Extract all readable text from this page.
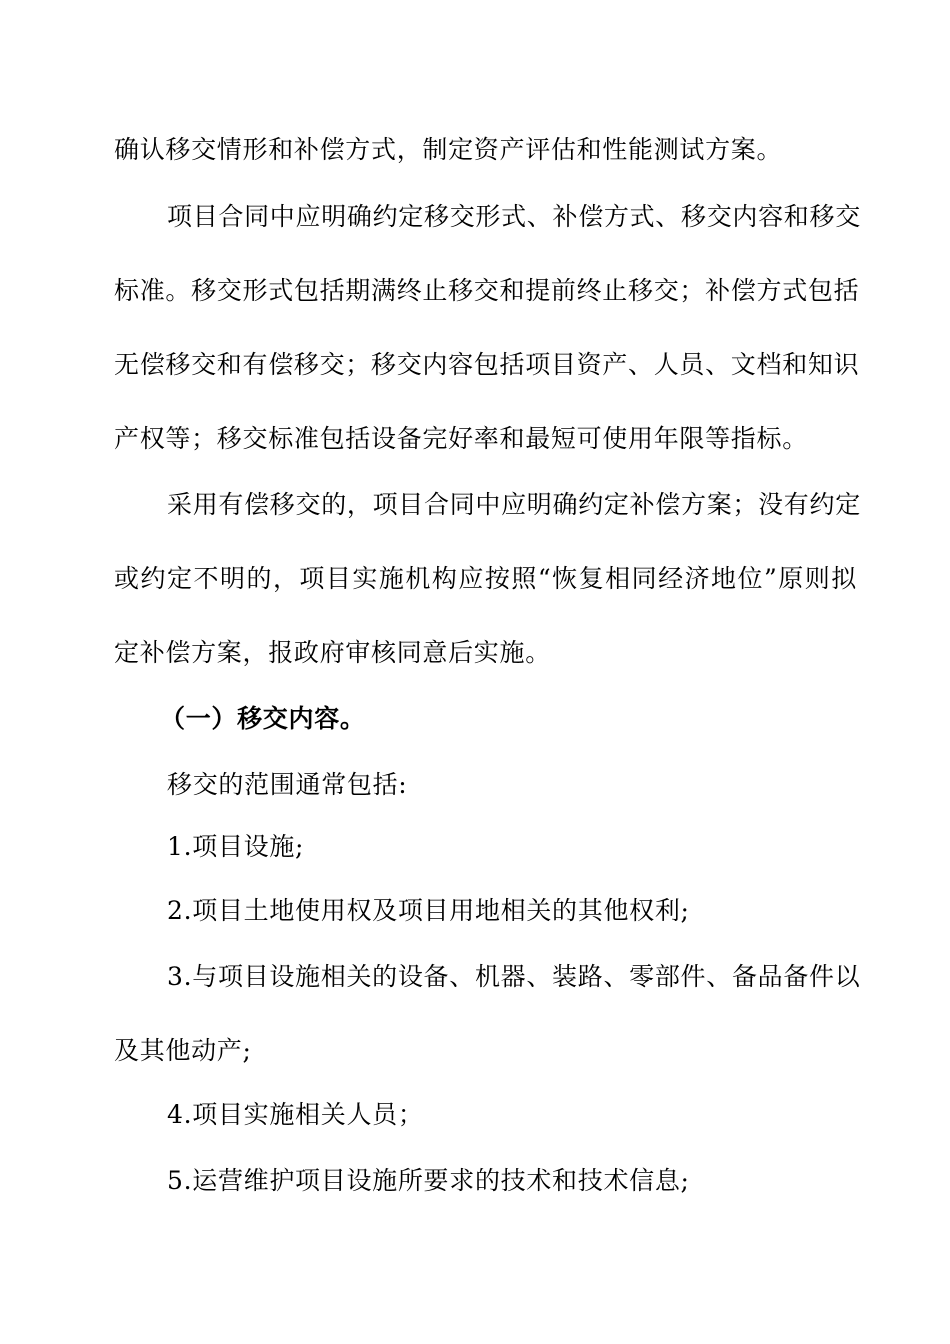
确认移交情形和补偿方式，制定资产评估和性能测试方案。
项目合同中应明确约定移交形式、补偿方式、移交内容和移交
标准。移交形式包括期满终止移交和提前终止移交；补偿方式包括
无偿移交和有偿移交；移交内容包括项目资产、人员、文档和知识
产权等；移交标准包括设备完好率和最短可使用年限等指标。
采用有偿移交的，项目合同中应明确约定补偿方案；没有约定
或约定不明的，项目实施机构应按照“恢复相同经济地位”原则拟
定补偿方案，报政府审核同意后实施。
（一）移交内容。
移交的范围通常包括:
1.项目设施;
2.项目土地使用权及项目用地相关的其他权利;
3.与项目设施相关的设备、机器、装路、零部件、备品备件以
及其他动产;
4.项目实施相关人员；
5.运营维护项目设施所要求的技术和技术信息;
